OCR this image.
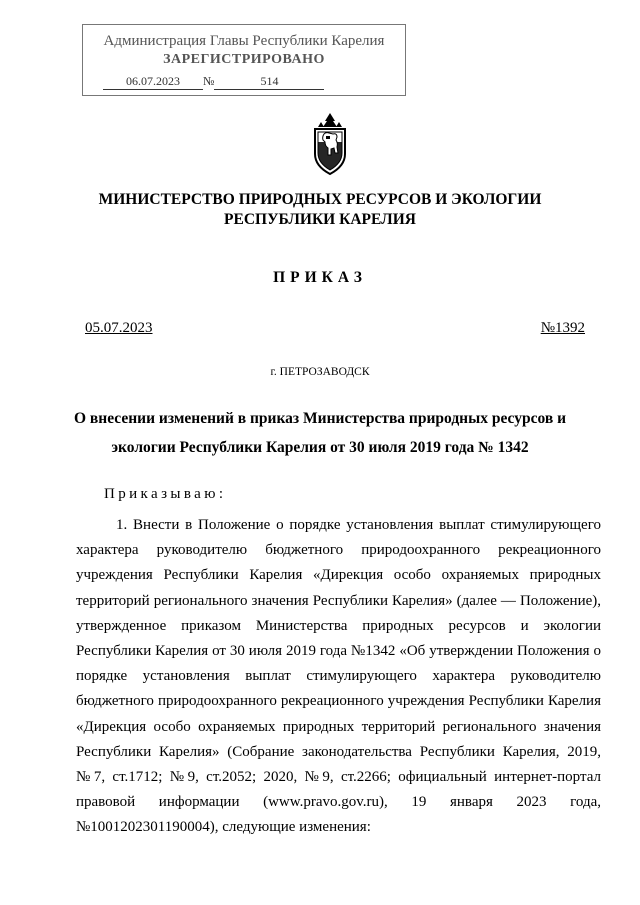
Администрация Главы Республики Карелия
ЗАРЕГИСТРИРОВАНО
06.07.2023 №	514
МИНИСТЕРСТВО ПРИРОДНЫХ РЕСУРСОВ И ЭКОЛОГИИ
РЕСПУБЛИКИ КАРЕЛИЯ
ПРИКАЗ
05.07.2023	№1392
г. ПЕТРОЗАВОДСК
О внесении изменений в приказ Министерства природных ресурсов и экологии Республики Карелия от 30 июля 2019 года № 1342
Приказываю:

1. Внести в Положение о порядке установления выплат стимулирующего характера руководителю бюджетного природоохранного рекреационного учреждения Республики Карелия «Дирекция особо охраняемых природных территорий регионального значения Республики Карелия» (далее — Положение), утвержденное приказом Министерства природных ресурсов и экологии Республики Карелия от 30 июля 2019 года №1342 «Об утверждении Положения о порядке установления выплат стимулирующего характера руководителю бюджетного природоохранного рекреационного учреждения Республики Карелия «Дирекция особо охраняемых природных территорий регионального значения Республики Карелия» (Собрание законодательства Республики Карелия, 2019, №7, ст.1712; №9, ст.2052; 2020, №9, ст.2266; официальный интернет-портал правовой информации (www.pravo.gov.ru), 19 января 2023 года, №1001202301190004), следующие изменения:
